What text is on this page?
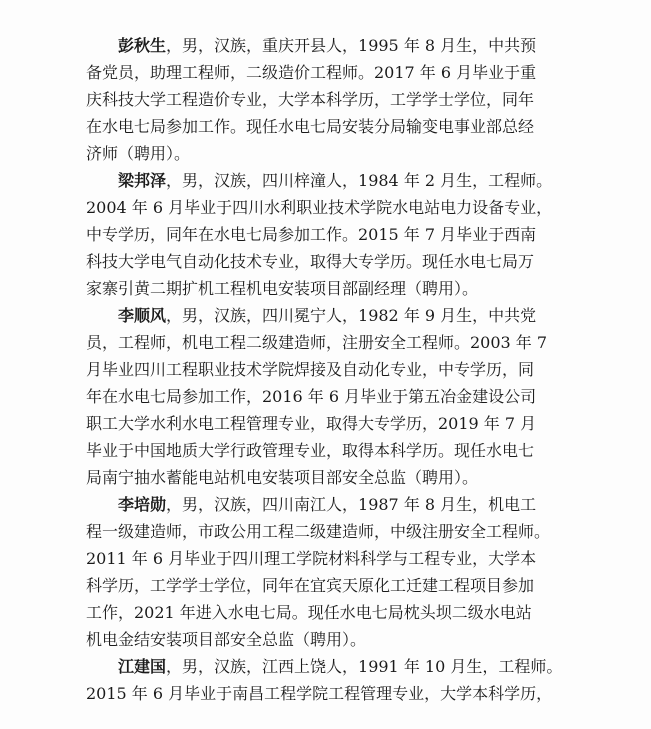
彭秋生，男，汉族，重庆开县人，1995 年 8 月生，中共预
备党员，助理工程师，二级造价工程师。2017 年 6 月毕业于重
庆科技大学工程造价专业，大学本科学历，工学学士学位，同年
在水电七局参加工作。现任水电七局安装分局输变电事业部总经
济师（聘用）。
梁邦泽，男，汉族，四川梓潼人，1984 年 2 月生，工程师。
2004 年 6 月毕业于四川水利职业技术学院水电站电力设备专业，
中专学历，同年在水电七局参加工作。2015 年 7 月毕业于西南
科技大学电气自动化技术专业，取得大专学历。现任水电七局万
家寨引黄二期扩机工程机电安装项目部副经理（聘用）。
李顺风，男，汉族，四川冕宁人，1982 年 9 月生，中共党
员，工程师，机电工程二级建造师，注册安全工程师。2003 年 7
月毕业四川工程职业技术学院焊接及自动化专业，中专学历，同
年在水电七局参加工作，2016 年 6 月毕业于第五冶金建设公司
职工大学水利水电工程管理专业，取得大专学历，2019 年 7 月
毕业于中国地质大学行政管理专业，取得本科学历。现任水电七
局南宁抽水蓄能电站机电安装项目部安全总监（聘用）。
李培勋，男，汉族，四川南江人，1987 年 8 月生，机电工
程一级建造师，市政公用工程二级建造师，中级注册安全工程师。
2011 年 6 月毕业于四川理工学院材料科学与工程专业，大学本
科学历，工学学士学位，同年在宜宾天原化工迁建工程项目参加
工作，2021 年进入水电七局。现任水电七局枕头坝二级水电站
机电金结安装项目部安全总监（聘用）。
江建国，男，汉族，江西上饶人，1991 年 10 月生，工程师。
2015 年 6 月毕业于南昌工程学院工程管理专业，大学本科学历，
